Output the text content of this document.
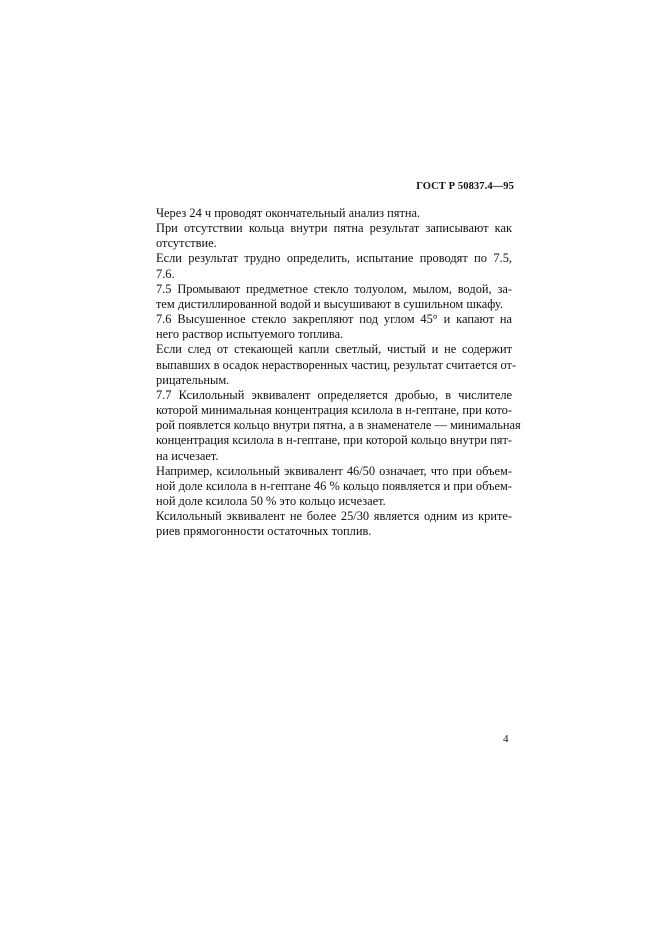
ГОСТ Р 50837.4—95

Через 24 ч проводят окончательный анализ пятна.

При отсутствии кольца внутри пятна результат записывают как
отсутствие.

Если результат трудно определить, испытание проводят по 7.5,
7.6.

7.5 Промывают предметное стекло толуолом, мылом, водой, за-
тем дистиллированной водой и высушивают в сушильном шкафу.

7.6 Высушенное стекло закрепляют под углом 45° и капают на
него раствор испытуемого топлива.

Если след от стекающей капли светлый, чистый и не содержит
выпавших в осадок нерастворенных частиц, результат считается от-
рицательным.

7.7 Ксилольный эквивалент определяется дробью, в числителе
которой минимальная концентрация ксилола в н-гептане, при кото-
рой появлется кольцо внутри пятна, а в знаменателе — минимальная
концентрация ксилола в н-гептане, при которой кольцо внутри пят-
на исчезает.

Например, ксилольный эквивалент 46/50 означает, что при объем-
ной доле ксилола в н-гептане 46 % кольцо появляется и при объем-
ной доле ксилола 50 % это кольцо исчезает.

Ксилольный эквивалент не более 25/30 является одним из крите-
риев прямогонности остаточных топлив.

4
